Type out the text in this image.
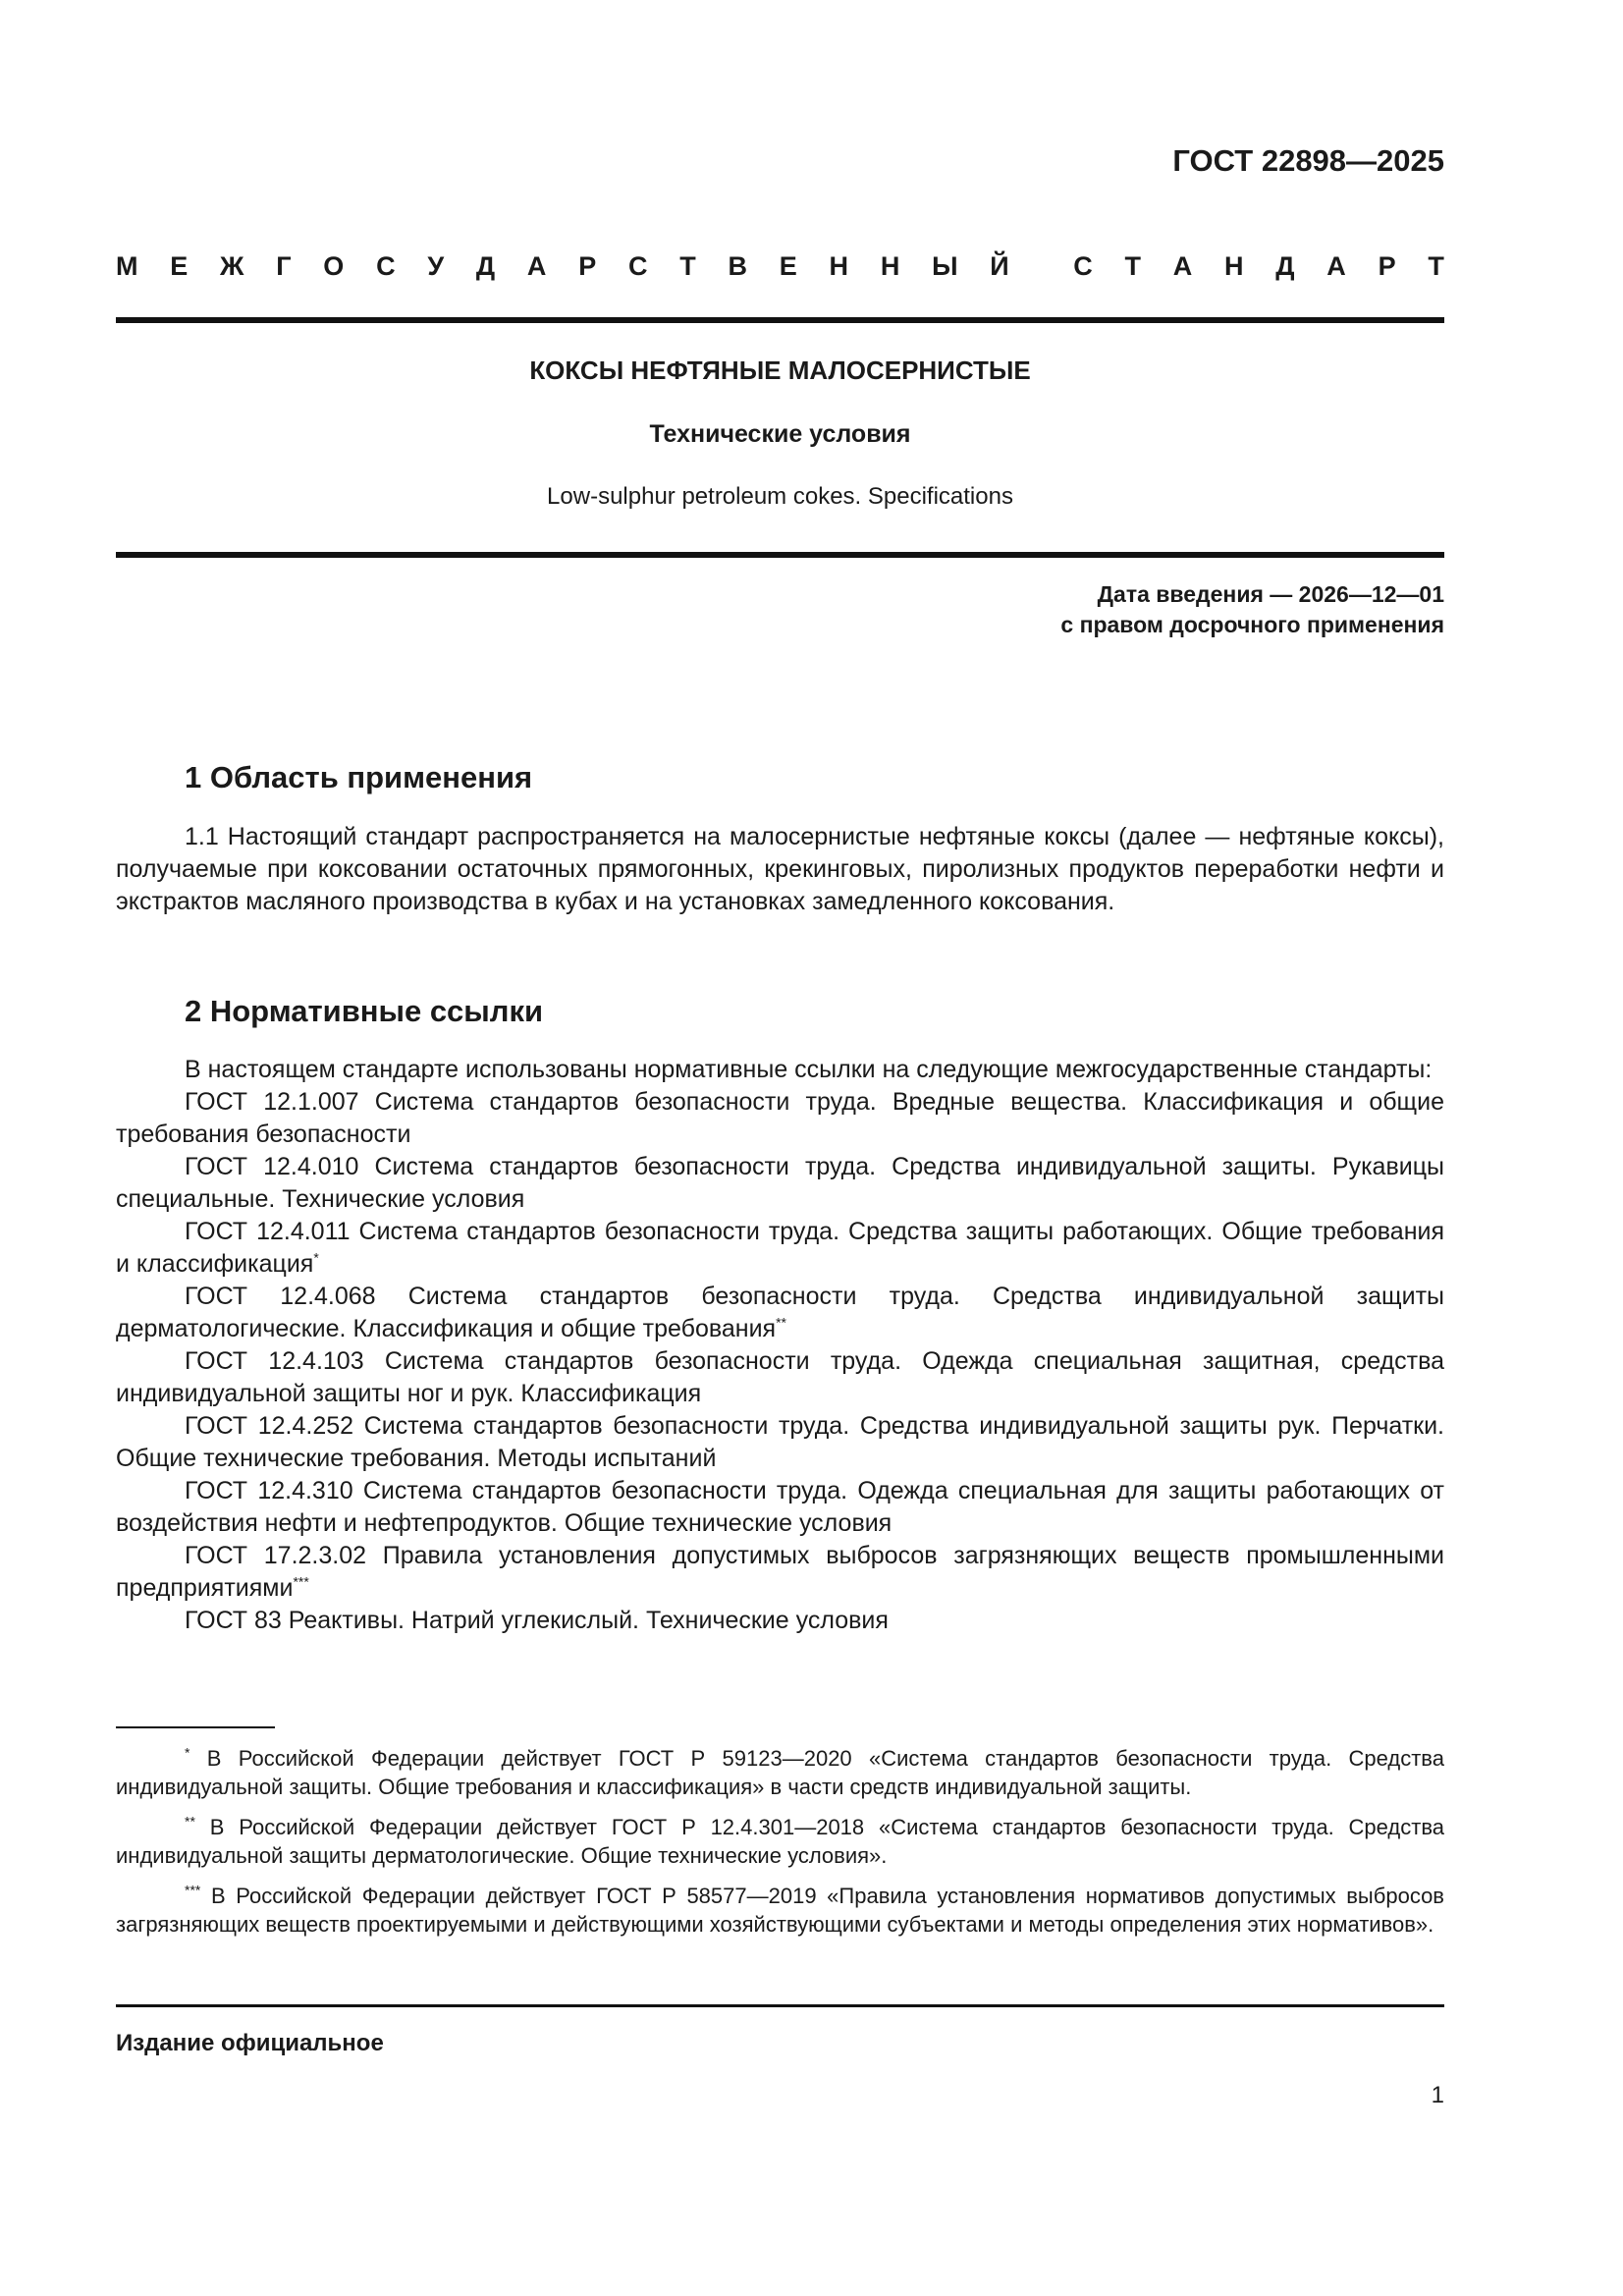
ГОСТ 22898—2025
М Е Ж Г О С У Д А Р С Т В Е Н Н Ы Й С Т А Н Д А Р Т
КОКСЫ НЕФТЯНЫЕ МАЛОСЕРНИСТЫЕ
Технические условия
Low-sulphur petroleum cokes. Specifications
Дата введения — 2026—12—01
с правом досрочного применения
1 Область применения

1.1 Настоящий стандарт распространяется на малосернистые нефтяные коксы (далее — нефтяные коксы), получаемые при коксовании остаточных прямогонных, крекинговых, пиролизных продуктов переработки нефти и экстрактов масляного производства в кубах и на установках замедленного коксования.

2 Нормативные ссылки

В настоящем стандарте использованы нормативные ссылки на следующие межгосударственные стандарты:

ГОСТ 12.1.007 Система стандартов безопасности труда. Вредные вещества. Классификация и общие требования безопасности

ГОСТ 12.4.010 Система стандартов безопасности труда. Средства индивидуальной защиты. Рукавицы специальные. Технические условия

ГОСТ 12.4.011 Система стандартов безопасности труда. Средства защиты работающих. Общие требования и классификация*

ГОСТ 12.4.068 Система стандартов безопасности труда. Средства индивидуальной защиты дерматологические. Классификация и общие требования**

ГОСТ 12.4.103 Система стандартов безопасности труда. Одежда специальная защитная, средства индивидуальной защиты ног и рук. Классификация

ГОСТ 12.4.252 Система стандартов безопасности труда. Средства индивидуальной защиты рук. Перчатки. Общие технические требования. Методы испытаний

ГОСТ 12.4.310 Система стандартов безопасности труда. Одежда специальная для защиты работающих от воздействия нефти и нефтепродуктов. Общие технические условия

ГОСТ 17.2.3.02 Правила установления допустимых выбросов загрязняющих веществ промышленными предприятиями***

ГОСТ 83 Реактивы. Натрий углекислый. Технические условия

* В Российской Федерации действует ГОСТ Р 59123—2020 «Система стандартов безопасности труда. Средства индивидуальной защиты. Общие требования и классификация» в части средств индивидуальной защиты.

** В Российской Федерации действует ГОСТ Р 12.4.301—2018 «Система стандартов безопасности труда. Средства индивидуальной защиты дерматологические. Общие технические условия».

*** В Российской Федерации действует ГОСТ Р 58577—2019 «Правила установления нормативов допустимых выбросов загрязняющих веществ проектируемыми и действующими хозяйствующими субъектами и методы определения этих нормативов».

Издание официальное
1
